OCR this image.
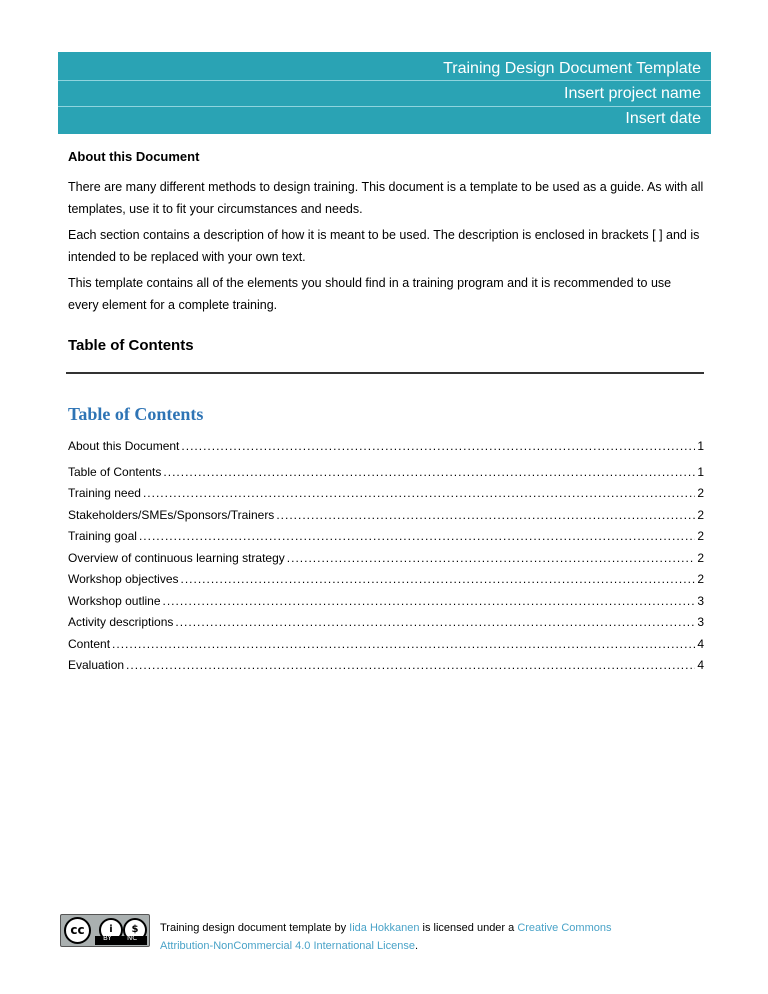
Training Design Document Template
Insert project name
Insert date
About this Document

There are many different methods to design training. This document is a template to be used as a guide. As with all templates, use it to fit your circumstances and needs.

Each section contains a description of how it is meant to be used. The description is enclosed in brackets [ ] and is intended to be replaced with your own text.

This template contains all of the elements you should find in a training program and it is recommended to use every element for a complete training.

Table of Contents
Table of Contents
About this Document .....	1
Table of Contents .....	1
Training need .....	2
Stakeholders/SMEs/Sponsors/Trainers .....	2
Training goal .....	2
Overview of continuous learning strategy .....	2
Workshop objectives .....	2
Workshop outline .....	3
Activity descriptions .....	3
Content .....	4
Evaluation .....	4
cc	i	$
BY NC
Training design document template by Iida Hokkanen is licensed under a Creative Commons
Attribution-NonCommercial 4.0 International License.
